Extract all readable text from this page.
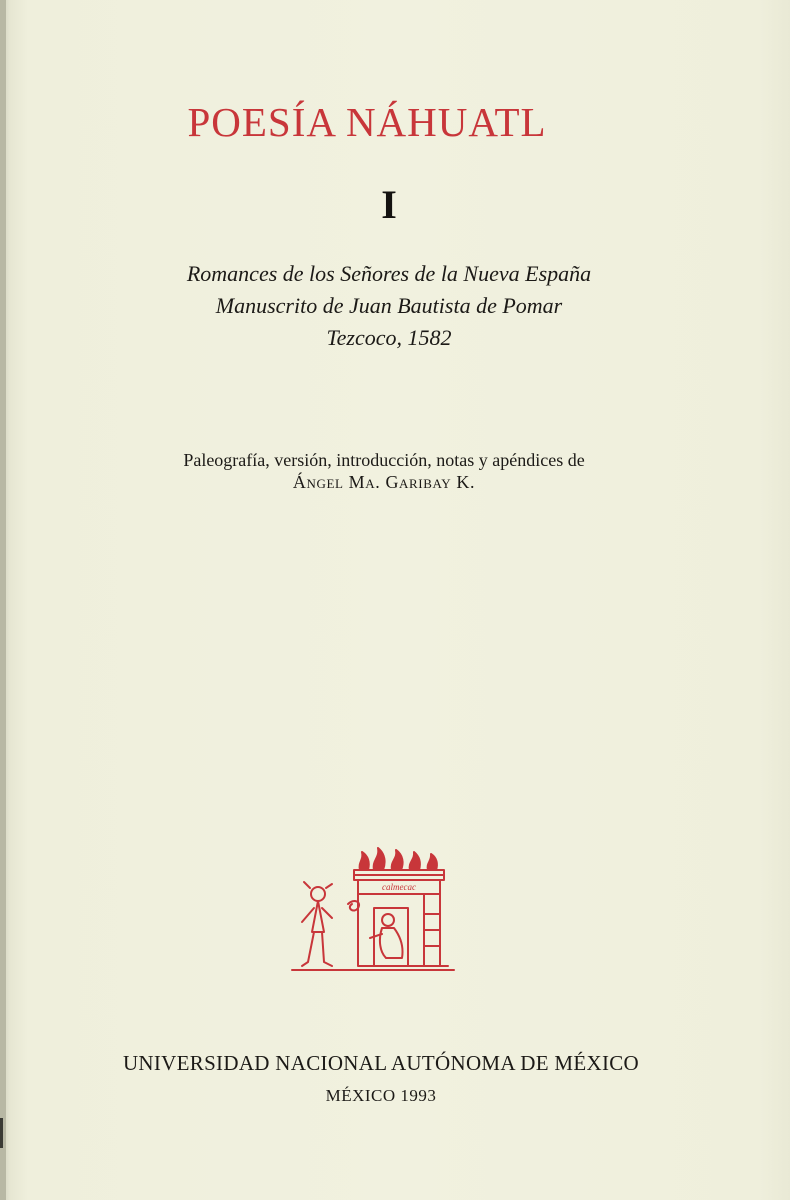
POESÍA NÁHUATL
I
Romances de los Señores de la Nueva España
Manuscrito de Juan Bautista de Pomar
Tezcoco, 1582
Paleografía, versión, introducción, notas y apéndices de
Ángel Ma. Garibay K.
calmecac
UNIVERSIDAD NACIONAL AUTÓNOMA DE MÉXICO
MÉXICO 1993
